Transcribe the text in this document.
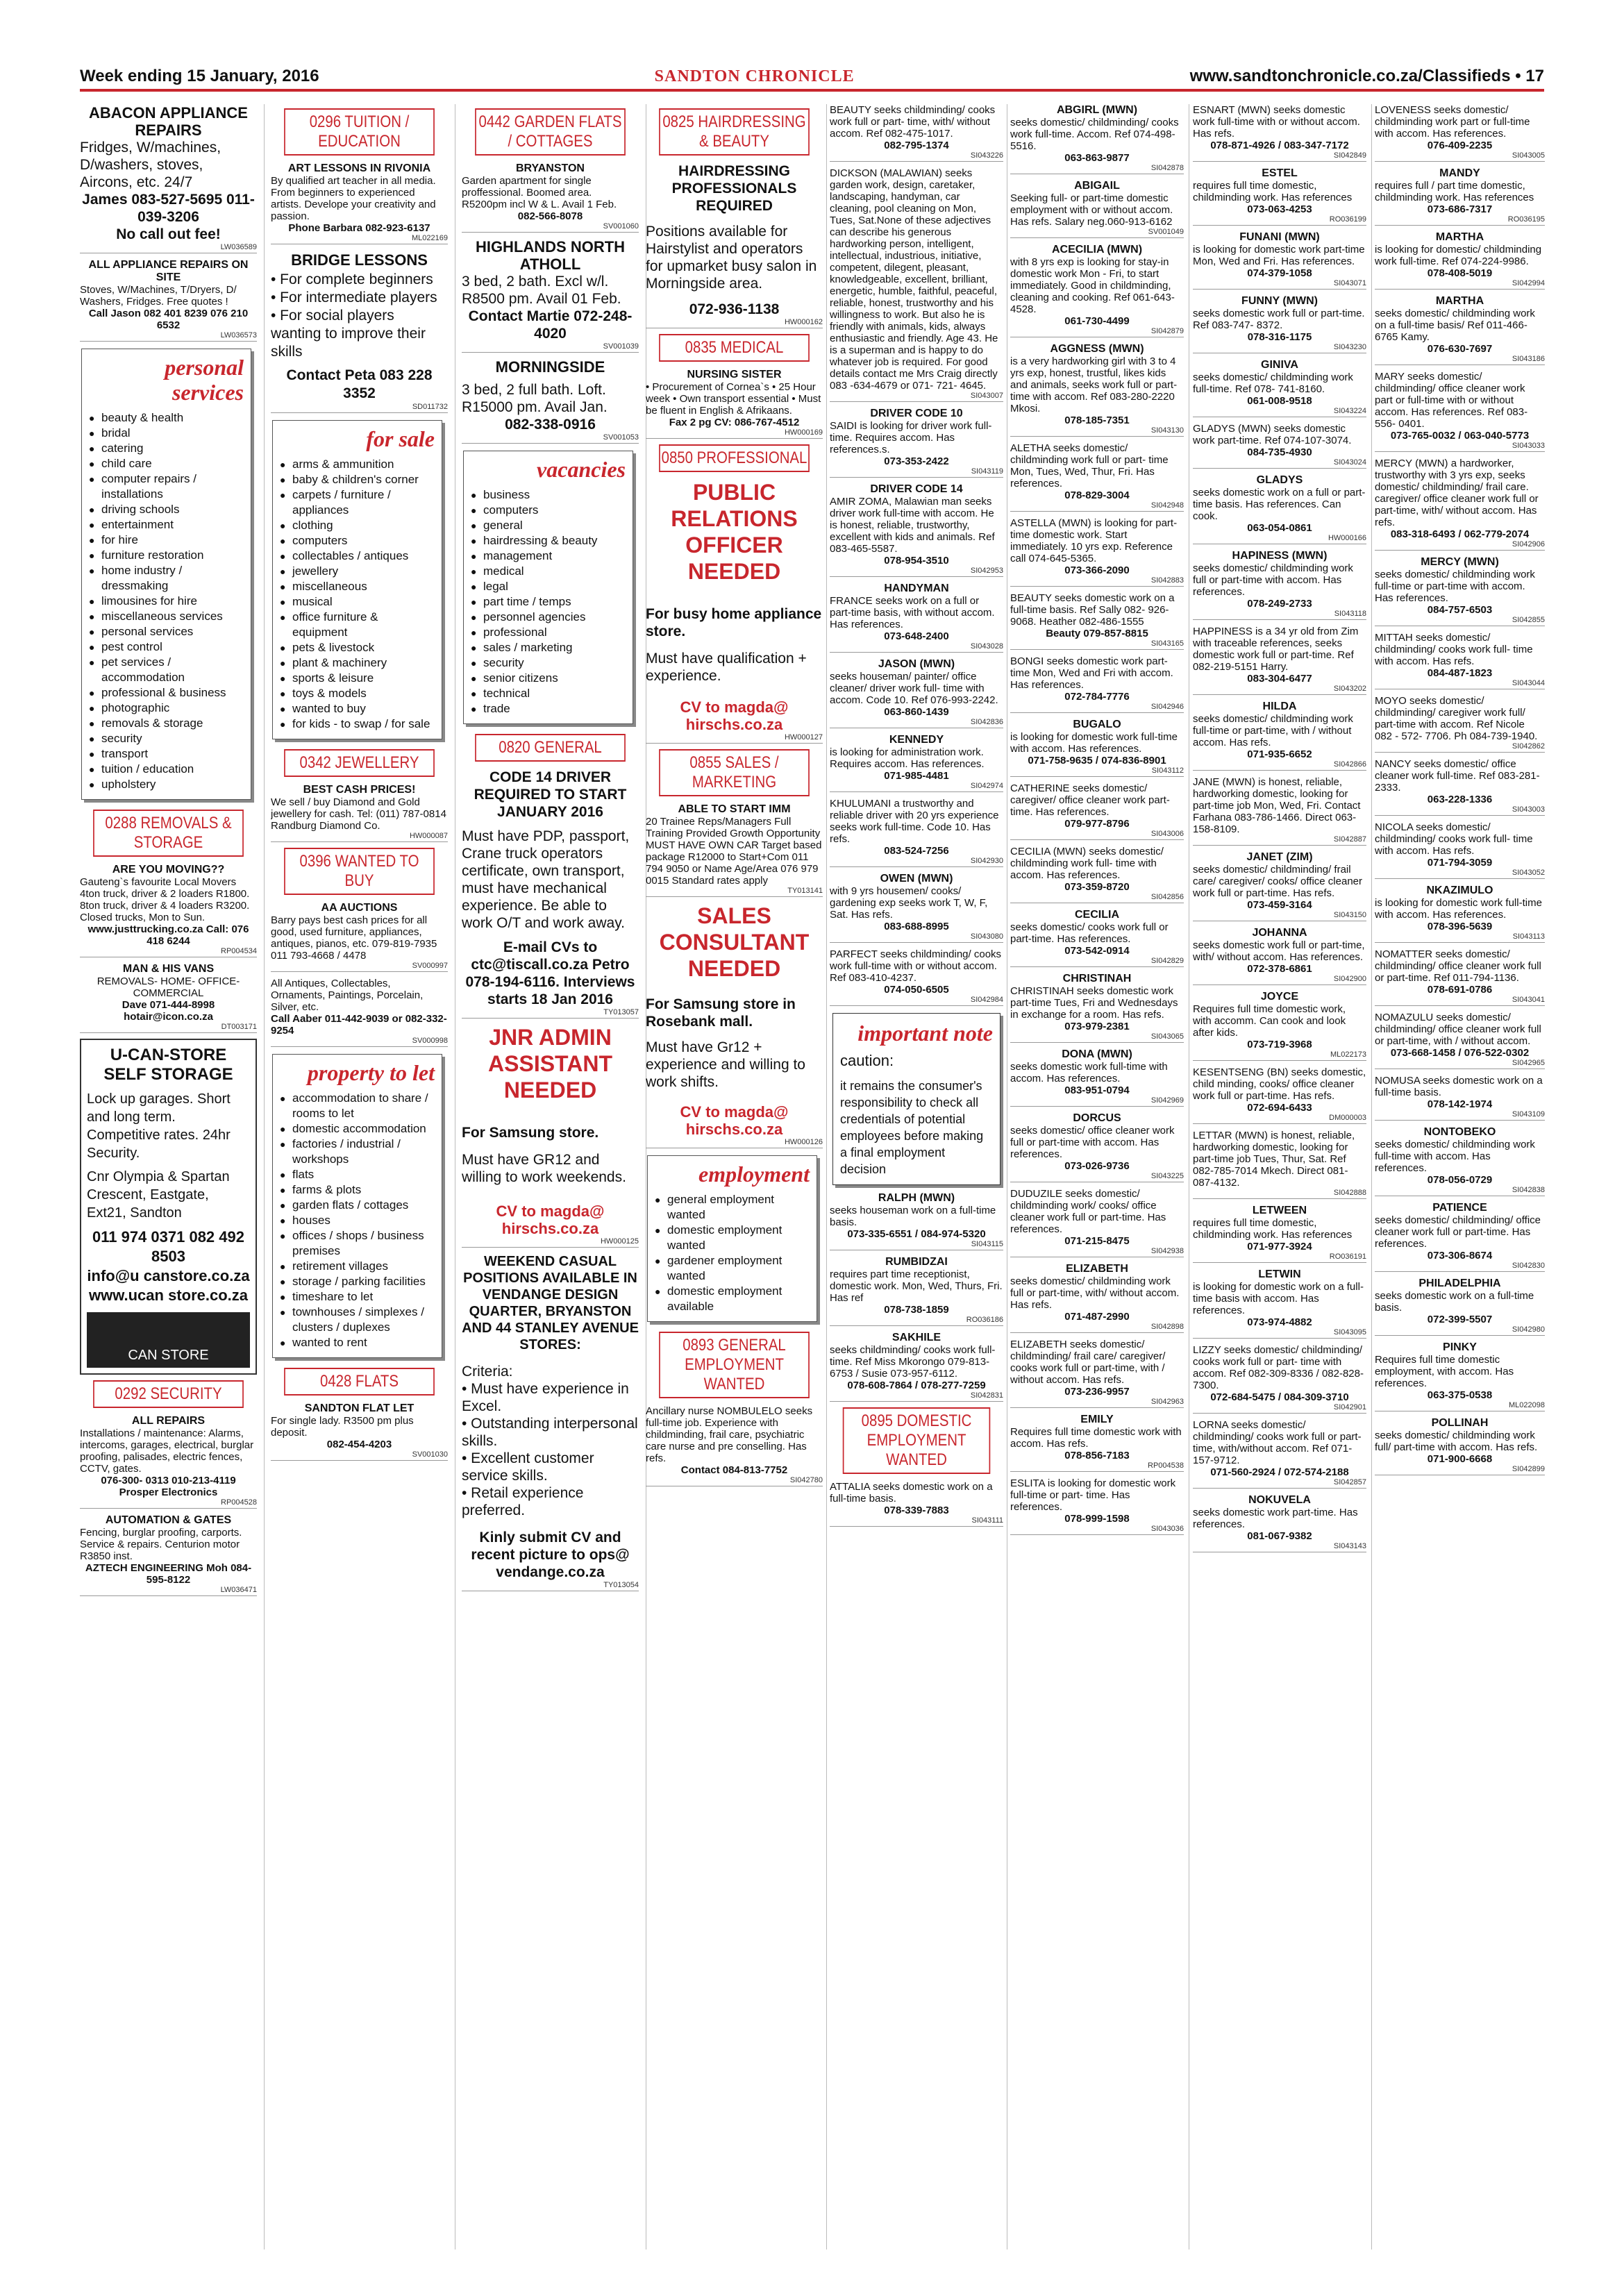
Week ending 15 January, 2016	SANDTON CHRONICLE	www.sandtonchronicle.co.za/Classifieds • 17
ABACON APPLIANCE REPAIRS
Fridges, W/machines, D/washers, stoves, Aircons, etc. 24/7
James 083-527-5695 011-039-3206
No call out fee!
LW036589
ALL APPLIANCE REPAIRS ON SITE
Stoves, W/Machines, T/Dryers, D/ Washers, Fridges. Free quotes !
Call Jason 082 401 8239 076 210 6532
LW036573
personal services
● beauty & health
● bridal
● catering
● child care
● computer repairs / installations
● driving schools
● entertainment
● for hire
● furniture restoration
● home industry / dressmaking
● limousines for hire
● miscellaneous services
● personal services
● pest control
● pet services / accommodation
● professional & business
● photographic
● removals & storage
● security
● transport
● tuition / education
● upholstery
0288 REMOVALS & STORAGE
ARE YOU MOVING??
Gauteng`s favourite Local Movers 4ton truck, driver & 2 loaders R1800. 8ton truck, driver & 4 loaders R3200. Closed trucks, Mon to Sun.
www.justtrucking.co.za Call: 076 418 6244
RP004534
MAN & HIS VANS
REMOVALS- HOME- OFFICE- COMMERCIAL
Dave 071-444-8998 hotair@icon.co.za
DT003171
U-CAN-STORE SELF STORAGE
Lock up garages. Short and long term. Competitive rates. 24hr Security.
Cnr Olympia & Spartan Crescent, Eastgate, Ext21, Sandton
011 974 0371 082 492 8503
info@u canstore.co.za www.ucan store.co.za
CAN STORE
0292 SECURITY
ALL REPAIRS
Installations / maintenance: Alarms, intercoms, garages, electrical, burglar proofing, palisades, electric fences, CCTV, gates.
076-300- 0313 010-213-4119 Prosper Electronics
RP004528
AUTOMATION & GATES
Fencing, burglar proofing, carports. Service & repairs. Centurion motor R3850 inst.
AZTECH ENGINEERING Moh 084-595-8122
LW036471
0296 TUITION / EDUCATION
ART LESSONS IN RIVONIA
By qualified art teacher in all media. From beginners to experienced artists. Develope your creativity and passion.
Phone Barbara 082-923-6137
ML022169
BRIDGE LESSONS
• For complete beginners
• For intermediate players
• For social players wanting to improve their skills
Contact Peta 083 228 3352
SD011732
for sale
● arms & ammunition
● baby & children's corner
● carpets / furniture / appliances
● clothing
● computers
● collectables / antiques
● jewellery
● miscellaneous
● musical
● office furniture & equipment
● pets & livestock
● plant & machinery
● sports & leisure
● toys & models
● wanted to buy
● for kids - to swap / for sale
0342 JEWELLERY
BEST CASH PRICES!
We sell / buy Diamond and Gold jewellery for cash. Tel: (011) 787-0814 Randburg Diamond Co.
HW000087
0396 WANTED TO BUY
AA AUCTIONS
Barry pays best cash prices for all good, used furniture, appliances, antiques, pianos, etc. 079-819-7935 011 793-4668 / 4478
SV000997
All Antiques, Collectables, Ornaments, Paintings, Porcelain, Silver, etc.
Call Aaber 011-442-9039 or 082-332-9254
SV000998
property to let
● accommodation to share / rooms to let
● domestic accommodation
● factories / industrial / workshops
● flats
● farms & plots
● garden flats / cottages
● houses
● offices / shops / business premises
● retirement villages
● storage / parking facilities
● timeshare to let
● townhouses / simplexes / clusters / duplexes
● wanted to rent
0428 FLATS
SANDTON FLAT LET
For single lady. R3500 pm plus deposit.
082-454-4203
SV001030
0442 GARDEN FLATS / COTTAGES
BRYANSTON
Garden apartment for single proffessional. Boomed area. R5200pm incl W & L. Avail 1 Feb.
082-566-8078
SV001060
HIGHLANDS NORTH ATHOLL
3 bed, 2 bath. Excl w/l. R8500 pm. Avail 01 Feb.
Contact Martie 072-248-4020
SV001039
MORNINGSIDE
3 bed, 2 full bath. Loft. R15000 pm. Avail Jan.
082-338-0916
SV001053
vacancies
● business
● computers
● general
● hairdressing & beauty
● management
● medical
● legal
● part time / temps
● personnel agencies
● professional
● sales / marketing
● security
● senior citizens
● technical
● trade
0820 GENERAL
CODE 14 DRIVER REQUIRED TO START JANUARY 2016
Must have PDP, passport, Crane truck operators certificate, own transport, must have mechanical experience. Be able to work O/T and work away.
E-mail CVs to ctc@tiscall.co.za Petro 078-194-6116. Interviews starts 18 Jan 2016
TY013057
JNR ADMIN ASSISTANT NEEDED
For Samsung store.
Must have GR12 and willing to work weekends.
CV to magda@ hirschs.co.za
HW000125
WEEKEND CASUAL POSITIONS AVAILABLE IN VENDANGE DESIGN QUARTER, BRYANSTON AND 44 STANLEY AVENUE STORES:
Criteria:
• Must have experience in Excel.
• Outstanding interpersonal skills.
• Excellent customer service skills.
• Retail experience preferred.
Kinly submit CV and recent picture to ops@ vendange.co.za
TY013054
0825 HAIRDRESSING & BEAUTY
HAIRDRESSING PROFESSIONALS REQUIRED
Positions available for Hairstylist and operators for upmarket busy salon in Morningside area.
072-936-1138
HW000162
0835 MEDICAL
NURSING SISTER
• Procurement of Cornea`s • 25 Hour week • Own transport essential • Must be fluent in English & Afrikaans.
Fax 2 pg CV: 086-767-4512
HW000169
0850 PROFESSIONAL
PUBLIC RELATIONS OFFICER NEEDED
For busy home appliance store.
Must have qualification + experience.
CV to magda@ hirschs.co.za
HW000127
0855 SALES / MARKETING
ABLE TO START IMM
20 Trainee Reps/Managers Full Training Provided Growth Opportunity MUST HAVE OWN CAR Target based package R12000 to Start+Com 011 794 9050 or Name Age/Area 076 979 0015 Standard rates apply
TY013141
SALES CONSULTANT NEEDED
For Samsung store in Rosebank mall.
Must have Gr12 + experience and willing to work shifts.
CV to magda@ hirschs.co.za
HW000126
employment
● general employment wanted
● domestic employment wanted
● gardener employment wanted
● domestic employment available
0893 GENERAL EMPLOYMENT WANTED
Ancillary nurse NOMBULELO seeks full-time job. Experience with childminding, frail care, psychiatric care nurse and pre conselling. Has refs.
Contact 084-813-7752
SI042780
BEAUTY seeks childminding/ cooks work full or part- time, with/ without accom. Ref 082-475-1017.
082-795-1374
SI043226
DICKSON (MALAWIAN) seeks garden work, design, caretaker, landscaping, handyman, car cleaning, pool cleaning on Mon, Tues, Sat.None of these adjectives can describe his generous hardworking person, intelligent, intellectual, industrious, initiative, competent, dilegent, pleasant, knowledgeable, excellent, brilliant, energetic, humble, faithful, peaceful, reliable, honest, trustworthy and his willingness to work. But also he is friendly with animals, kids, always enthusiastic and friendly. Age 43. He is a superman and is happy to do whatever job is required. For good details contact me Mrs Craig directly 083 -634-4679 or 071- 721- 4645.
SI043007
DRIVER CODE 10
SAIDI is looking for driver work full-time. Requires accom. Has references.s.
073-353-2422
SI043119
DRIVER CODE 14
AMIR ZOMA, Malawian man seeks driver work full-time with accom. He is honest, reliable, trustworthy, excellent with kids and animals. Ref 083-465-5587.
078-954-3510
SI042953
HANDYMAN
FRANCE seeks work on a full or part-time basis, with without accom. Has references.
073-648-2400
SI043028
JASON (MWN)
seeks houseman/ painter/ office cleaner/ driver work full- time with accom. Code 10. Ref 076-993-2242.
063-860-1439
SI042836
KENNEDY
is looking for administration work. Requires accom. Has references.
071-985-4481
SI042974
KHULUMANI a trustworthy and reliable driver with 20 yrs experience seeks work full-time. Code 10. Has refs.
083-524-7256
SI042930
OWEN (MWN)
with 9 yrs housemen/ cooks/ gardening exp seeks work T, W, F, Sat. Has refs.
083-688-8995
SI043080
PARFECT seeks childminding/ cooks work full-time with or without accom. Ref 083-410-4237.
074-050-6505
SI042984
important note
caution:
it remains the consumer's responsibility to check all credentials of potential employees before making a final employment decision
RALPH (MWN)
seeks houseman work on a full-time basis.
073-335-6551 / 084-974-5320
SI043115
RUMBIDZAI
requires part time receptionist, domestic work. Mon, Wed, Thurs, Fri. Has ref
078-738-1859
RO036186
SAKHILE
seeks childminding/ cooks work full-time. Ref Miss Mkorongo 079-813- 6753 / Susie 073-957-6112.
078-608-7864 / 078-277-7259
SI042831
0895 DOMESTIC EMPLOYMENT WANTED
ATTALIA seeks domestic work on a full-time basis.
078-339-7883
SI043111
ABGIRL (MWN)
seeks domestic/ childminding/ cooks work full-time. Accom. Ref 074-498-5516.
063-863-9877
SI042878
ABIGAIL
Seeking full- or part-time domestic employment with or without accom. Has refs. Salary neg.060-913-6162
SV001049
ACECILIA (MWN)
with 8 yrs exp is looking for stay-in domestic work Mon - Fri, to start immediately. Good in childminding, cleaning and cooking. Ref 061-643- 4528.
061-730-4499
SI042879
AGGNESS (MWN)
is a very hardworking girl with 3 to 4 yrs exp, honest, trustful, likes kids and animals, seeks work full or part- time with accom. Ref 083-280-2220 Mkosi.
078-185-7351
SI043130
ALETHA seeks domestic/ childminding work full or part- time Mon, Tues, Wed, Thur, Fri. Has references.
078-829-3004
SI042948
ASTELLA (MWN) is looking for part-time domestic work. Start immediately. 10 yrs exp. Reference call 074-645-5365.
073-366-2090
SI042883
BEAUTY seeks domestic work on a full-time basis. Ref Sally 082- 926-9068. Heather 082-486-1555
Beauty 079-857-8815
SI043165
BONGI seeks domestic work part-time Mon, Wed and Fri with accom. Has references.
072-784-7776
SI042946
BUGALO
is looking for domestic work full-time with accom. Has references.
071-758-9635 / 074-836-8901
SI043112
CATHERINE seeks domestic/ caregiver/ office cleaner work part-time. Has references.
079-977-8796
SI043006
CECILIA (MWN) seeks domestic/ childminding work full- time with accom. Has references.
073-359-8720
SI042856
CECILIA
seeks domestic/ cooks work full or part-time. Has references.
073-542-0914
SI042829
CHRISTINAH
CHRISTINAH seeks domestic work part-time Tues, Fri and Wednesdays in exchange for a room. Has refs.
073-979-2381
SI043065
DONA (MWN)
seeks domestic work full-time with accom. Has references.
083-951-0794
SI042969
DORCUS
seeks domestic/ office cleaner work full or part-time with accom. Has references.
073-026-9736
SI043225
DUDUZILE seeks domestic/ childminding work/ cooks/ office cleaner work full or part-time. Has references.
071-215-8475
SI042938
ELIZABETH
seeks domestic/ childminding work full or part-time, with/ without accom. Has refs.
071-487-2990
SI042898
ELIZABETH seeks domestic/ childminding/ frail care/ caregiver/ cooks work full or part-time, with / without accom. Has refs.
073-236-9957
SI042963
EMILY
Requires full time domestic work with accom. Has refs.
078-856-7183
RP004538
ESLITA is looking for domestic work full-time or part- time. Has references.
078-999-1598
SI043036
ESNART (MWN) seeks domestic work full-time with or without accom. Has refs.
078-871-4926 / 083-347-7172
SI042849
ESTEL
requires full time domestic, childminding work. Has references
073-063-4253
RO036199
FUNANI (MWN)
is looking for domestic work part-time Mon, Wed and Fri. Has references.
074-379-1058
SI043071
FUNNY (MWN)
seeks domestic work full or part-time. Ref 083-747- 8372.
078-316-1175
SI043230
GINIVA
seeks domestic/ childminding work full-time. Ref 078- 741-8160.
061-008-9518
SI043224
GLADYS (MWN) seeks domestic work part-time. Ref 074-107-3074.
084-735-4930
SI043024
GLADYS
seeks domestic work on a full or part-time basis. Has references. Can cook.
063-054-0861
HW000166
HAPINESS (MWN)
seeks domestic/ childminding work full or part-time with accom. Has references.
078-249-2733
SI043118
HAPPINESS is a 34 yr old from Zim with traceable references, seeks domestic work full or part-time. Ref 082-219-5151 Harry.
083-304-6477
SI043202
HILDA
seeks domestic/ childminding work full-time or part-time, with / without accom. Has refs.
071-935-6652
SI042866
JANE (MWN) is honest, reliable, hardworking domestic, looking for part-time job Mon, Wed, Fri. Contact Farhana 083-786-1466. Direct 063-158-8109.
SI042887
JANET (ZIM)
seeks domestic/ childminding/ frail care/ caregiver/ cooks/ office cleaner work full or part-time. Has refs.
073-459-3164
SI043150
JOHANNA
seeks domestic work full or part-time, with/ without accom. Has references.
072-378-6861
SI042900
JOYCE
Requires full time domestic work, with accomm. Can cook and look after kids.
073-719-3968
ML022173
KESENTSENG (BN) seeks domestic, child minding, cooks/ office cleaner work full or part-time. Has refs.
072-694-6433
DM000003
LETTAR (MWN) is honest, reliable, hardworking domestic, looking for part-time job Tues, Thur, Sat. Ref 082-785-7014 Mkech. Direct 081-087-4132.
SI042888
LETWEEN
requires full time domestic, childminding work. Has references
071-977-3924
RO036191
LETWIN
is looking for domestic work on a full-time basis with accom. Has references.
073-974-4882
SI043095
LIZZY seeks domestic/ childminding/ cooks work full or part- time with accom. Ref 082-309-8336 / 082-828- 7300.
072-684-5475 / 084-309-3710
SI042901
LORNA seeks domestic/ childminding/ cooks work full or part-time, with/without accom. Ref 071-157-9712.
071-560-2924 / 072-574-2188
SI042857
NOKUVELA
seeks domestic work part-time. Has references.
081-067-9382
SI043143
LOVENESS seeks domestic/ childminding work part or full-time with accom. Has references.
076-409-2235
SI043005
MANDY
requires full / part time domestic, childminding work. Has references
073-686-7317
RO036195
MARTHA
is looking for domestic/ childminding work full-time. Ref 074-224-9986.
078-408-5019
SI042994
MARTHA
seeks domestic/ childminding work on a full-time basis/ Ref 011-466-6765 Kamy.
076-630-7697
SI043186
MARY seeks domestic/ childminding/ office cleaner work part or full-time with or without accom. Has references. Ref 083-556- 0401.
073-765-0032 / 063-040-5773
SI043033
MERCY (MWN) a hardworker, trustworthy with 3 yrs exp, seeks domestic/ childminding/ frail care. caregiver/ office cleaner work full or part-time, with/ without accom. Has refs.
083-318-6493 / 062-779-2074
SI042906
MERCY (MWN)
seeks domestic/ childminding work full-time or part-time with accom. Has references.
084-757-6503
SI042855
MITTAH seeks domestic/ childminding/ cooks work full- time with accom. Has refs.
084-487-1823
SI043044
MOYO seeks domestic/ childminding/ caregiver work full/ part-time with accom. Ref Nicole 082 - 572- 7706. Ph 084-739-1940.
SI042862
NANCY seeks domestic/ office cleaner work full-time. Ref 083-281-2333.
063-228-1336
SI043003
NICOLA seeks domestic/ childminding/ cooks work full- time with accom. Has refs.
071-794-3059
SI043052
NKAZIMULO
is looking for domestic work full-time with accom. Has references.
078-396-5639
SI043113
NOMATTER seeks domestic/ childminding/ office cleaner work full or part-time. Ref 011-794-1136.
078-691-0786
SI043041
NOMAZULU seeks domestic/ childminding/ office cleaner work full or part-time, with / without accom.
073-668-1458 / 076-522-0302
SI042965
NOMUSA seeks domestic work on a full-time basis.
078-142-1974
SI043109
NONTOBEKO
seeks domestic/ childminding work full-time with accom. Has references.
078-056-0729
SI042838
PATIENCE
seeks domestic/ childminding/ office cleaner work full or part-time. Has references.
073-306-8674
SI042830
PHILADELPHIA
seeks domestic work on a full-time basis.
072-399-5507
SI042980
PINKY
Requires full time domestic employment, with accom. Has references.
063-375-0538
ML022098
POLLINAH
seeks domestic/ childminding work full/ part-time with accom. Has refs.
071-900-6668
SI042899
